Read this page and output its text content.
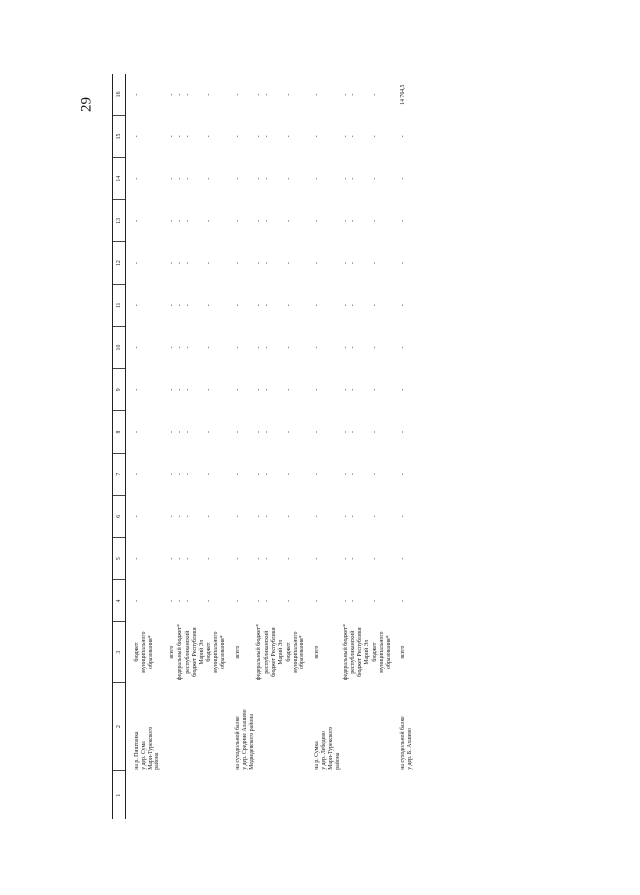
29
1	2	3	4	5	6	7	8	9	10	11	12	13	14	15	16

	на р. Пиштанка у дер. Сума Мари-Турекского района	бюджет муниципального образования*	-	-	-	-	-	-	-	-	-	-	-	-	-
		всего	-	-	-	-	-	-	-	-	-	-	-	-	-
		федеральный бюджет*	-	-	-	-	-	-	-	-	-	-	-	-	-
		республиканский бюджет Республики Марий Эл	-	-	-	-	-	-	-	-	-	-	-	-	-
		бюджет муниципального образования*	-	-	-	-	-	-	-	-	-	-	-	-	-

	на суходольной балке у дер. Средние Алашево Медведевского района	всего	-	-	-	-	-	-	-	-	-	-	-	-	-
		федеральный бюджет*	-	-	-	-	-	-	-	-	-	-	-	-	-
		республиканский бюджет Республики Марий Эл	-	-	-	-	-	-	-	-	-	-	-	-	-
		бюджет муниципального образования*	-	-	-	-	-	-	-	-	-	-	-	-	-

	на р. Сумка у дер. Лебедево Мари-Турекского района	всего	-	-	-	-	-	-	-	-	-	-	-	-	-
		федеральный бюджет*	-	-	-	-	-	-	-	-	-	-	-	-	-
		республиканский бюджет Республики Марий Эл	-	-	-	-	-	-	-	-	-	-	-	-	-
		бюджет муниципального образования*	-	-	-	-	-	-	-	-	-	-	-	-	-

	на суходольной балке у дер. Б. Ахшево	всего	-	-	-	-	-	-	-	-	-	-	-	-	14 764,5
